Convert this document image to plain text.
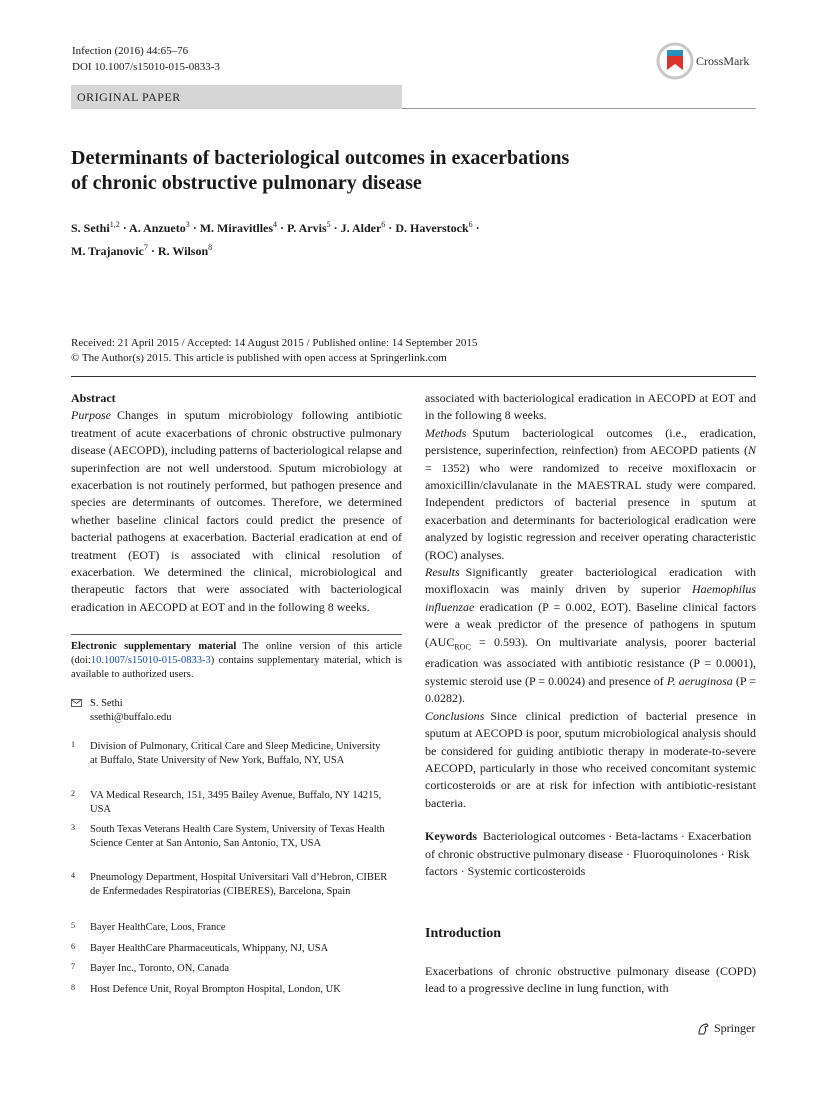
Infection (2016) 44:65–76
DOI 10.1007/s15010-015-0833-3	CrossMark
ORIGINAL PAPER
Determinants of bacteriological outcomes in exacerbations
of chronic obstructive pulmonary disease
S. Sethi$^{1,2}$ · A. Anzueto$^3$ · M. Miravitlles$^4$ · P. Arvis$^5$ · J. Alder$^6$ · D. Haverstock$^6$ ·
M. Trajanovic$^7$ · R. Wilson$^8$
Received: 21 April 2015 / Accepted: 14 August 2015 / Published online: 14 September 2015
© The Author(s) 2015. This article is published with open access at Springerlink.com
Abstract
Purpose Changes in sputum microbiology following antibiotic treatment of acute exacerbations of chronic obstructive pulmonary disease (AECOPD), including patterns of bacteriological relapse and superinfection are not well understood. Sputum microbiology at exacerbation is not routinely performed, but pathogen presence and species are determinants of outcomes. Therefore, we determined whether baseline clinical factors could predict the presence of bacterial pathogens at exacerbation. Bacterial eradication at end of treatment (EOT) is associated with clinical resolution of exacerbation. We determined the clinical, microbiological and therapeutic factors that were associated with bacteriological eradication in AECOPD at EOT and in the following 8 weeks.
associated with bacteriological eradication in AECOPD at EOT and in the following 8 weeks.
Methods Sputum bacteriological outcomes (i.e., eradication, persistence, superinfection, reinfection) from AECOPD patients (N = 1352) who were randomized to receive moxifloxacin or amoxicillin/clavulanate in the MAESTRAL study were compared. Independent predictors of bacterial presence in sputum at exacerbation and determinants for bacteriological eradication were analyzed by logistic regression and receiver operating characteristic (ROC) analyses.
Results Significantly greater bacteriological eradication with moxifloxacin was mainly driven by superior Haemophilus influenzae eradication (P = 0.002, EOT). Baseline clinical factors were a weak predictor of the presence of pathogens in sputum $(AUC_{ROC} = 0.593)$. On multivariate analysis, poorer bacterial eradication was associated with antibiotic resistance (P = 0.0001), systemic steroid use (P = 0.0024) and presence of P. aeruginosa (P = 0.0282).
Conclusions Since clinical prediction of bacterial presence in sputum at AECOPD is poor, sputum microbiological analysis should be considered for guiding antibiotic therapy in moderate-to-severe AECOPD, particularly in those who received concomitant systemic corticosteroids or are at risk for infection with antibiotic-resistant bacteria.
Keywords Bacteriological outcomes · Beta-lactams · Exacerbation of chronic obstructive pulmonary disease · Fluoroquinolones · Risk factors · Systemic corticosteroids
Introduction
Exacerbations of chronic obstructive pulmonary disease (COPD) lead to a progressive decline in lung function, with
Electronic supplementary material The online version of this article (doi:10.1007/s15010-015-0833-3) contains supplementary material, which is available to authorized users.
S. Sethi
ssethi@buffalo.edu
1 Division of Pulmonary, Critical Care and Sleep Medicine, University at Buffalo, State University of New York, Buffalo, NY, USA
2 VA Medical Research, 151, 3495 Bailey Avenue, Buffalo, NY 14215, USA
3 South Texas Veterans Health Care System, University of Texas Health Science Center at San Antonio, San Antonio, TX, USA
4 Pneumology Department, Hospital Universitari Vall d’Hebron, CIBER de Enfermedades Respiratorias (CIBERES), Barcelona, Spain
5 Bayer HealthCare, Loos, France
6 Bayer HealthCare Pharmaceuticals, Whippany, NJ, USA
7 Bayer Inc., Toronto, ON, Canada
8 Host Defence Unit, Royal Brompton Hospital, London, UK
Springer
